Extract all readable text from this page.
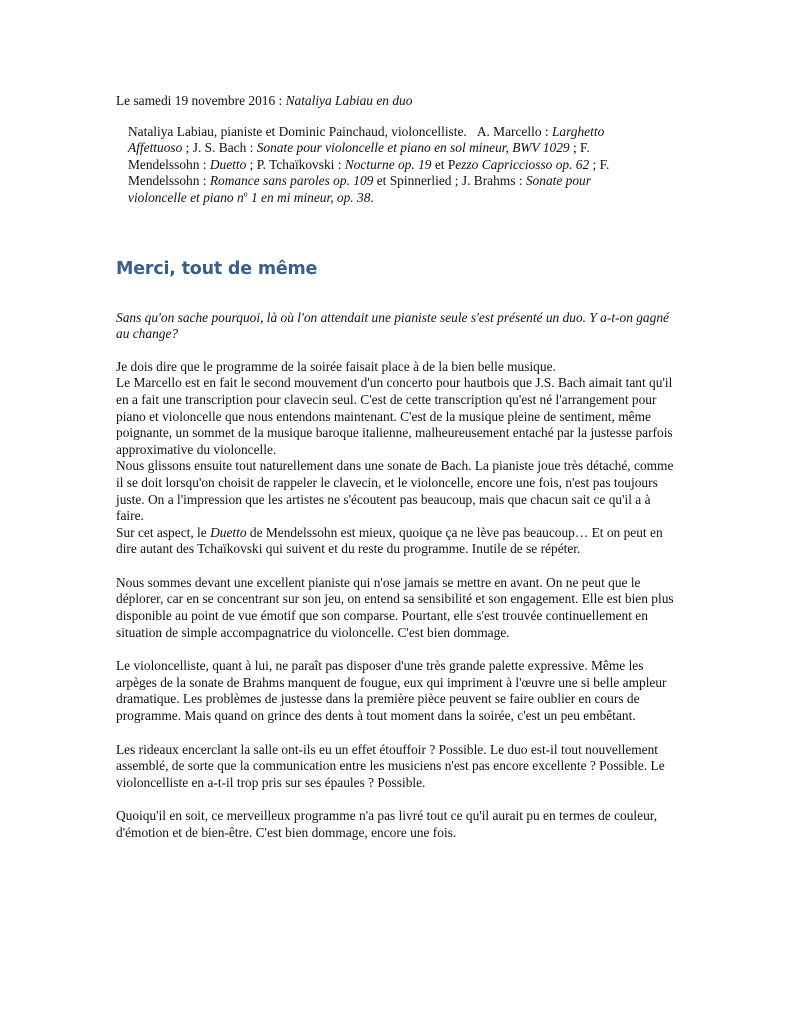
Le samedi 19 novembre 2016 : Nataliya Labiau en duo

Nataliya Labiau, pianiste et Dominic Painchaud, violoncelliste. A. Marcello : Larghetto Affettuoso ; J. S. Bach : Sonate pour violoncelle et piano en sol mineur, BWV 1029 ; F. Mendelssohn : Duetto ; P. Tchaïkovski : Nocturne op. 19 et Pezzo Capricciosso op. 62 ; F. Mendelssohn : Romance sans paroles op. 109 et Spinnerlied ; J. Brahms : Sonate pour violoncelle et piano $n^o$ 1 en mi mineur, op. 38.

Merci, tout de même

Sans qu'on sache pourquoi, là où l'on attendait une pianiste seule s'est présenté un duo. Y a-t-on gagné au change?

Je dois dire que le programme de la soirée faisait place à de la bien belle musique.
Le Marcello est en fait le second mouvement d'un concerto pour hautbois que J.S. Bach aimait tant qu'il en a fait une transcription pour clavecin seul. C'est de cette transcription qu'est né l'arrangement pour piano et violoncelle que nous entendons maintenant. C'est de la musique pleine de sentiment, même poignante, un sommet de la musique baroque italienne, malheureusement entaché par la justesse parfois approximative du violoncelle.
Nous glissons ensuite tout naturellement dans une sonate de Bach. La pianiste joue très détaché, comme il se doit lorsqu'on choisit de rappeler le clavecin, et le violoncelle, encore une fois, n'est pas toujours juste. On a l'impression que les artistes ne s'écoutent pas beaucoup, mais que chacun sait ce qu'il a à faire.
Sur cet aspect, le Duetto de Mendelssohn est mieux, quoique ça ne lève pas beaucoup… Et on peut en dire autant des Tchaïkovski qui suivent et du reste du programme. Inutile de se répéter.

Nous sommes devant une excellent pianiste qui n'ose jamais se mettre en avant. On ne peut que le déplorer, car en se concentrant sur son jeu, on entend sa sensibilité et son engagement. Elle est bien plus disponible au point de vue émotif que son comparse. Pourtant, elle s'est trouvée continuellement en situation de simple accompagnatrice du violoncelle. C'est bien dommage.

Le violoncelliste, quant à lui, ne paraît pas disposer d'une très grande palette expressive. Même les arpèges de la sonate de Brahms manquent de fougue, eux qui impriment à l'œuvre une si belle ampleur dramatique. Les problèmes de justesse dans la première pièce peuvent se faire oublier en cours de programme. Mais quand on grince des dents à tout moment dans la soirée, c'est un peu embêtant.

Les rideaux encerclant la salle ont-ils eu un effet étouffoir ? Possible. Le duo est-il tout nouvellement assemblé, de sorte que la communication entre les musiciens n'est pas encore excellente ? Possible. Le violoncelliste en a-t-il trop pris sur ses épaules ? Possible.

Quoiqu'il en soit, ce merveilleux programme n'a pas livré tout ce qu'il aurait pu en termes de couleur, d'émotion et de bien-être. C'est bien dommage, encore une fois.
